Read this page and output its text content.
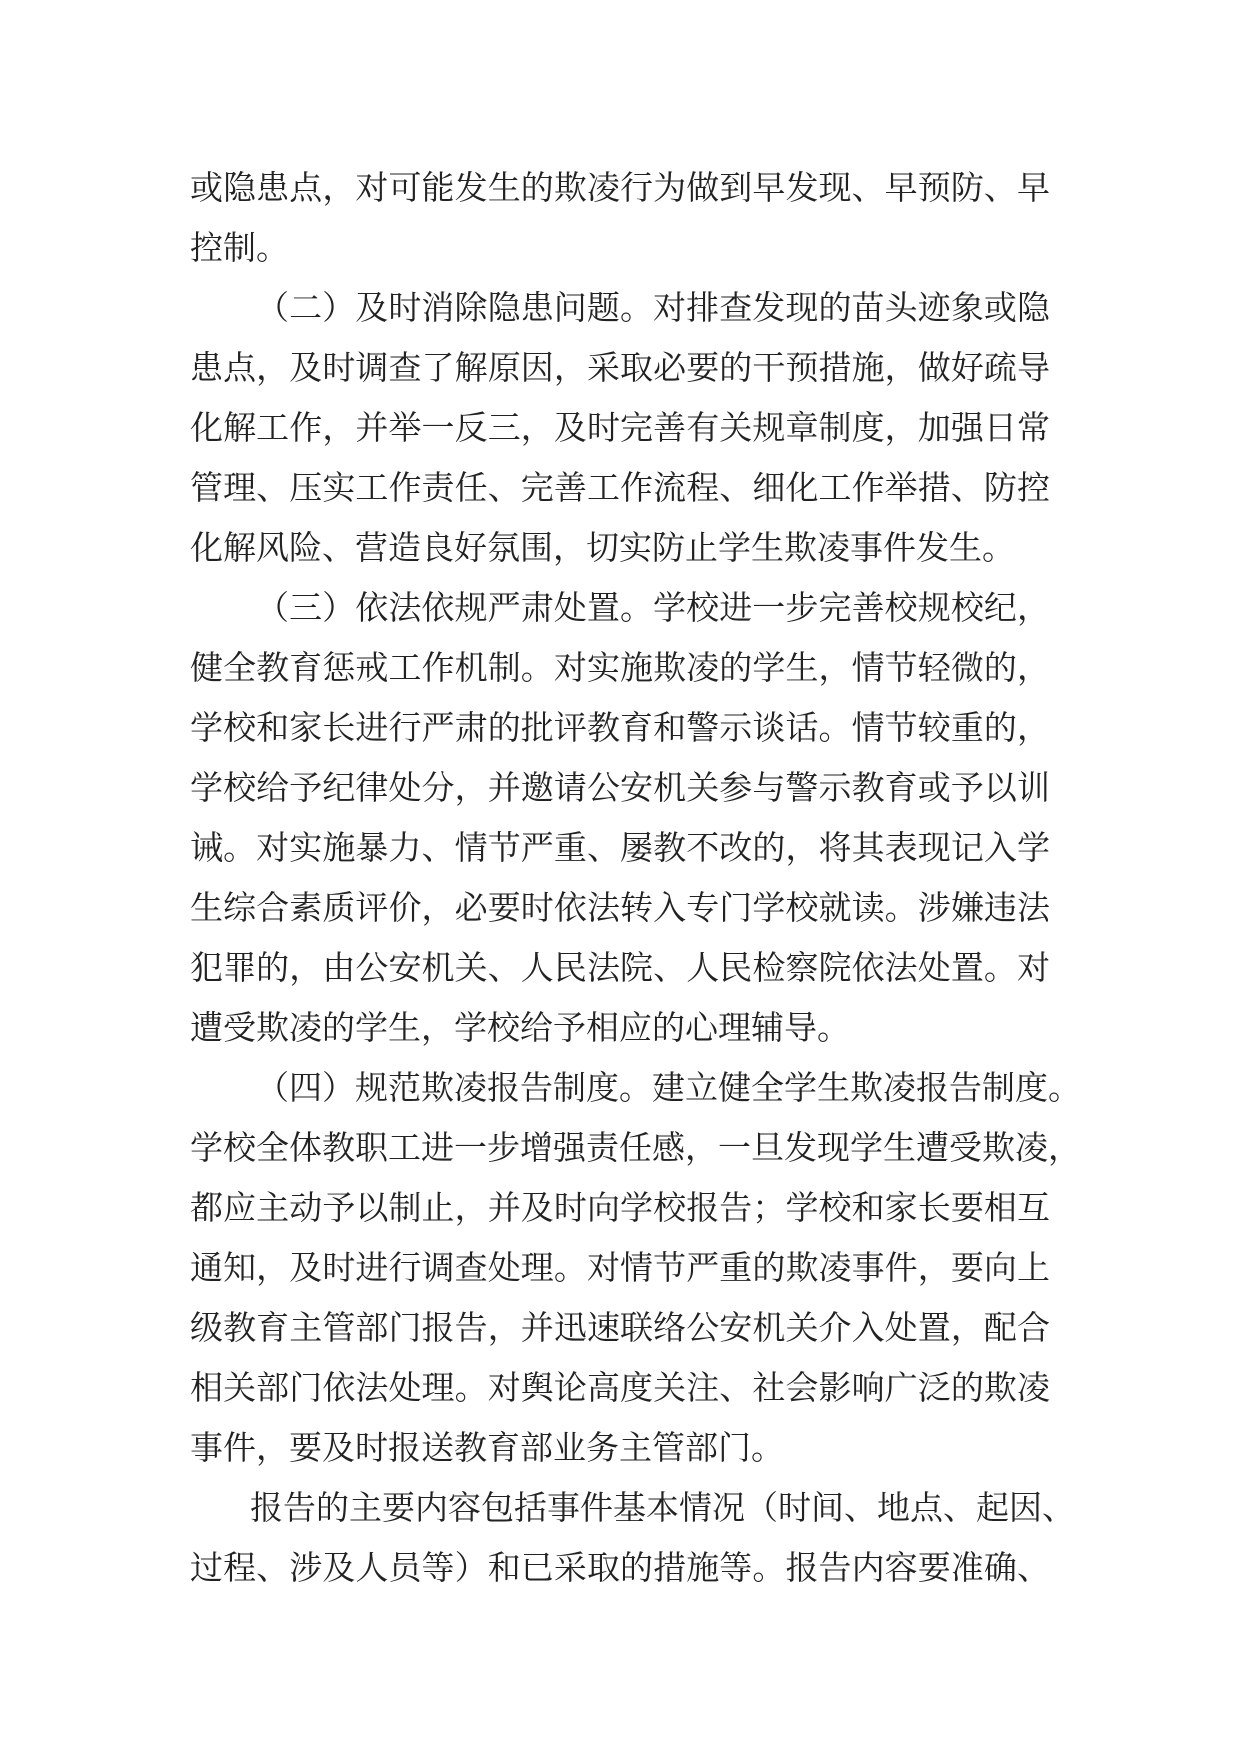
或隐患点，对可能发生的欺凌行为做到早发现、早预防、早
控制。
（二）及时消除隐患问题。对排查发现的苗头迹象或隐
患点，及时调查了解原因，采取必要的干预措施，做好疏导
化解工作，并举一反三，及时完善有关规章制度，加强日常
管理、压实工作责任、完善工作流程、细化工作举措、防控
化解风险、营造良好氛围，切实防止学生欺凌事件发生。
（三）依法依规严肃处置。学校进一步完善校规校纪，
健全教育惩戒工作机制。对实施欺凌的学生，情节轻微的，
学校和家长进行严肃的批评教育和警示谈话。情节较重的，
学校给予纪律处分，并邀请公安机关参与警示教育或予以训
诫。对实施暴力、情节严重、屡教不改的，将其表现记入学
生综合素质评价，必要时依法转入专门学校就读。涉嫌违法
犯罪的，由公安机关、人民法院、人民检察院依法处置。对
遭受欺凌的学生，学校给予相应的心理辅导。
（四）规范欺凌报告制度。建立健全学生欺凌报告制度。
学校全体教职工进一步增强责任感，一旦发现学生遭受欺凌，
都应主动予以制止，并及时向学校报告；学校和家长要相互
通知，及时进行调查处理。对情节严重的欺凌事件，要向上
级教育主管部门报告，并迅速联络公安机关介入处置，配合
相关部门依法处理。对舆论高度关注、社会影响广泛的欺凌
事件，要及时报送教育部业务主管部门。
报告的主要内容包括事件基本情况（时间、地点、起因、
过程、涉及人员等）和已采取的措施等。报告内容要准确、
